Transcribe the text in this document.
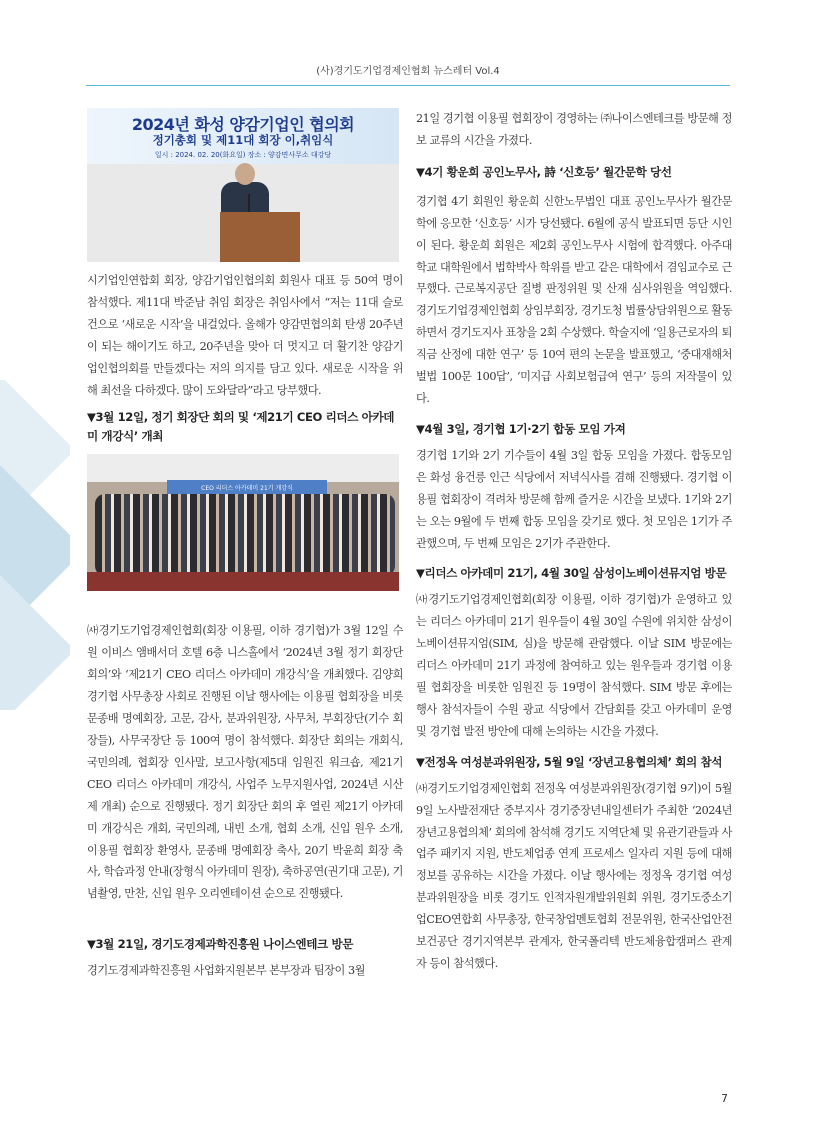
(사)경기도기업경제인협회 뉴스레터 Vol.4
2024년 화성 양감기업인 협의회
정기총회 및 제11대 회장 이,취임식
일시 : 2024. 02. 20(화요일) 장소 : 양감면사무소 대강당

시기업인연합회 회장, 양감기업인협의회 회원사 대표 등 50여 명이 참석했다. 제11대 박준남 취임 회장은 취임사에서 “저는 11대 슬로건으로 ‘새로운 시작’을 내걸었다. 올해가 양감면협의회 탄생 20주년이 되는 해이기도 하고, 20주년을 맞아 더 멋지고 더 활기찬 양감기업인협의회를 만들겠다는 저의 의지를 담고 있다. 새로운 시작을 위해 최선을 다하겠다. 많이 도와달라”라고 당부했다.

▼3월 12일, 정기 회장단 회의 및 ‘제21기 CEO 리더스 아카데미 개강식’ 개최
CEO 리더스 아카데미 21기 개강식

㈔경기도기업경제인협회(회장 이용필, 이하 경기협)가 3월 12일 수원 이비스 앰배서더 호텔 6층 니스홀에서 ‘2024년 3월 정기 회장단 회의’와 ‘제21기 CEO 리더스 아카데미 개강식’을 개최했다. 김양희 경기협 사무총장 사회로 진행된 이날 행사에는 이용필 협회장을 비롯 문종배 명예회장, 고문, 감사, 분과위원장, 사무처, 부회장단(기수 회장들), 사무국장단 등 100여 명이 참석했다. 회장단 회의는 개회식, 국민의례, 협회장 인사말, 보고사항(제5대 임원진 워크숍, 제21기 CEO 리더스 아카데미 개강식, 사업주 노무지원사업, 2024년 시산제 개최) 순으로 진행됐다. 정기 회장단 회의 후 열린 제21기 아카데미 개강식은 개회, 국민의례, 내빈 소개, 협회 소개, 신입 원우 소개, 이용필 협회장 환영사, 문종배 명예회장 축사, 20기 박윤희 회장 축사, 학습과정 안내(장형식 아카데미 원장), 축하공연(권기대 고문), 기념촬영, 만찬, 신입 원우 오리엔테이션 순으로 진행됐다.

▼3월 21일, 경기도경제과학진흥원 나이스엔테크 방문

경기도경제과학진흥원 사업화지원본부 본부장과 팀장이 3월

21일 경기협 이용필 협회장이 경영하는 ㈜나이스엔테크를 방문해 정보 교류의 시간을 가졌다.

▼4기 황운희 공인노무사, 詩 ‘신호등’ 월간문학 당선

경기협 4기 회원인 황운희 신한노무법인 대표 공인노무사가 월간문학에 응모한 ‘신호등’ 시가 당선됐다. 6월에 공식 발표되면 등단 시인이 된다. 황운희 회원은 제2회 공인노무사 시험에 합격했다. 아주대학교 대학원에서 법학박사 학위를 받고 같은 대학에서 겸임교수로 근무했다. 근로복지공단 질병 판정위원 및 산재 심사위원을 역임했다. 경기도기업경제인협회 상임부회장, 경기도청 법률상담위원으로 활동하면서 경기도지사 표창을 2회 수상했다. 학술지에 ‘일용근로자의 퇴직금 산정에 대한 연구’ 등 10여 편의 논문을 발표했고, ‘중대재해처벌법 100문 100답’, ‘미지급 사회보험급여 연구’ 등의 저작물이 있다.

▼4월 3일, 경기협 1기·2기 합동 모임 가져

경기협 1기와 2기 기수들이 4월 3일 합동 모임을 가졌다. 합동모임은 화성 융건릉 인근 식당에서 저녁식사를 겸해 진행됐다. 경기협 이용필 협회장이 격려차 방문해 함께 즐거운 시간을 보냈다. 1기와 2기는 오는 9월에 두 번째 합동 모임을 갖기로 했다. 첫 모임은 1기가 주관했으며, 두 번째 모임은 2기가 주관한다.

▼리더스 아카데미 21기, 4월 30일 삼성이노베이션뮤지엄 방문

㈔경기도기업경제인협회(회장 이용필, 이하 경기협)가 운영하고 있는 리더스 아카데미 21기 원우들이 4월 30일 수원에 위치한 삼성이노베이션뮤지엄(SIM, 심)을 방문해 관람했다. 이날 SIM 방문에는 리더스 아카데미 21기 과정에 참여하고 있는 원우들과 경기협 이용필 협회장을 비롯한 임원진 등 19명이 참석했다. SIM 방문 후에는 행사 참석자들이 수원 광교 식당에서 간담회를 갖고 아카데미 운영 및 경기협 발전 방안에 대해 논의하는 시간을 가졌다.

▼전정옥 여성분과위원장, 5월 9일 ‘장년고용협의체’ 회의 참석

㈔경기도기업경제인협회 전정옥 여성분과위원장(경기협 9기)이 5월 9일 노사발전재단 중부지사 경기중장년내일센터가 주최한 ‘2024년 장년고용협의체’ 회의에 참석해 경기도 지역단체 및 유관기관들과 사업주 패키지 지원, 반도체업종 연계 프로세스 일자리 지원 등에 대해 정보를 공유하는 시간을 가졌다. 이날 행사에는 정정옥 경기협 여성분과위원장을 비롯 경기도 인적자원개발위원회 위원, 경기도중소기업CEO연합회 사무총장, 한국창업멘토협회 전문위원, 한국산업안전보건공단 경기지역본부 관계자, 한국폴리텍 반도체융합캠퍼스 관계자 등이 참석했다.

7
